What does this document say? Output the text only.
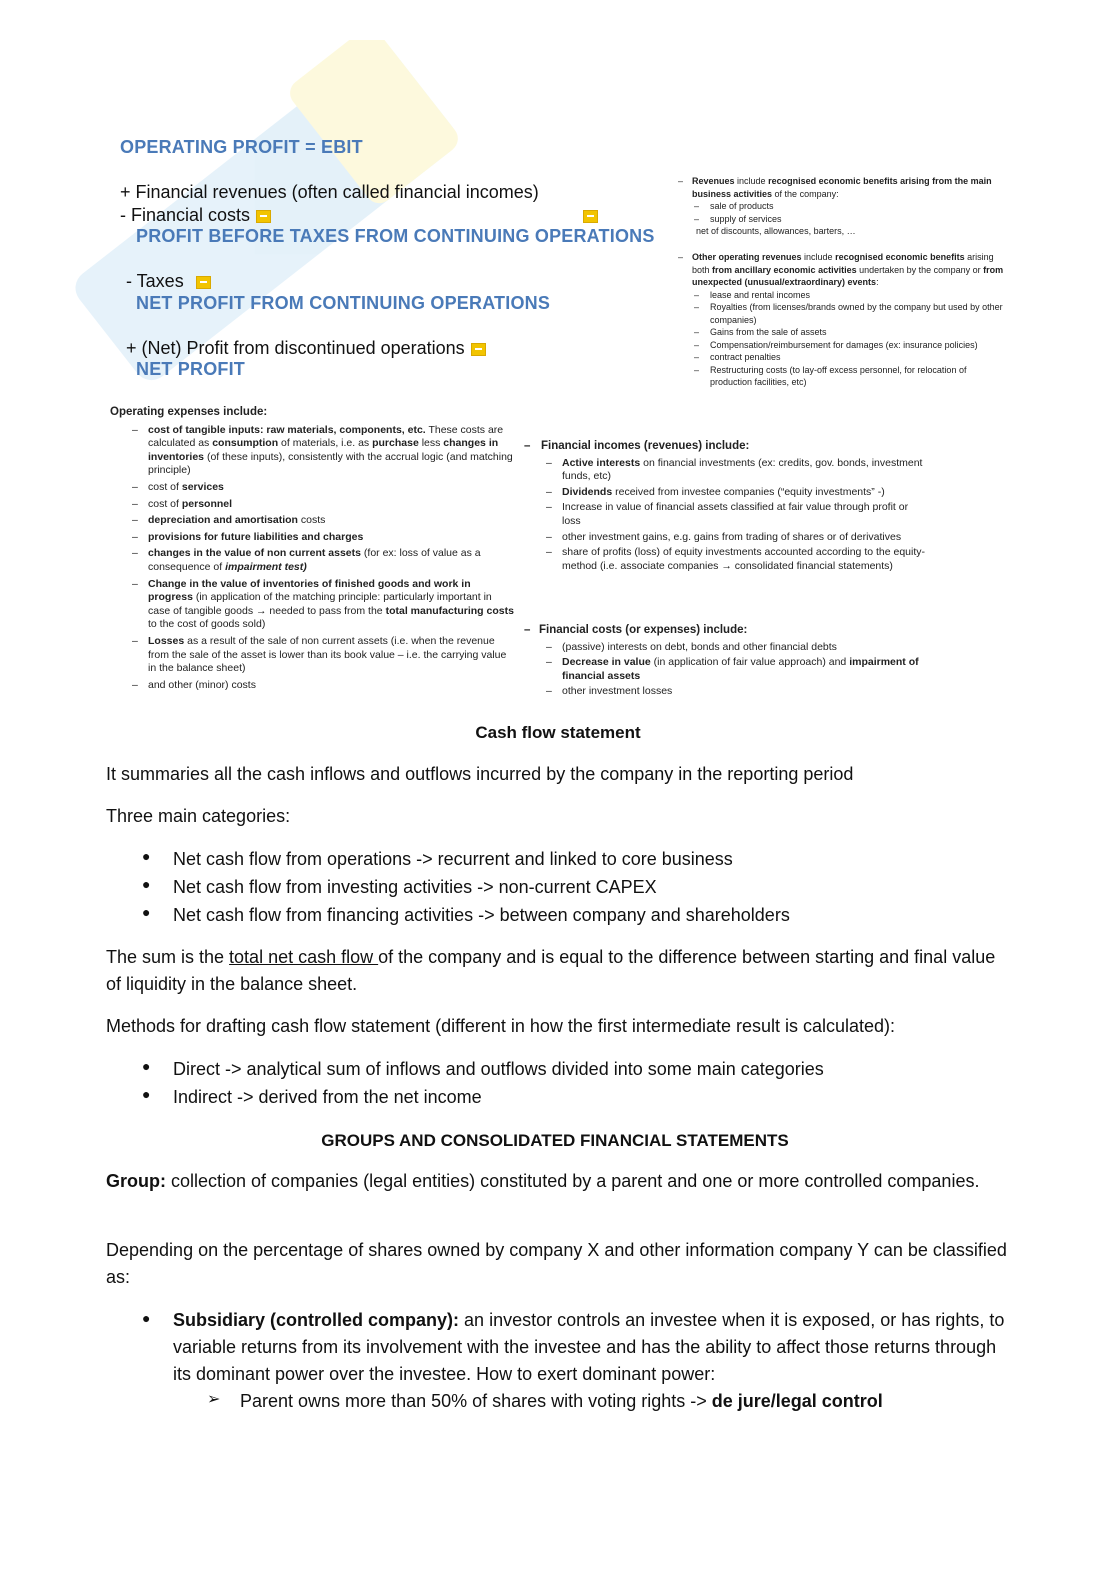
OPERATING PROFIT = EBIT
+ Financial revenues (often called financial incomes)
- Financial costs
PROFIT BEFORE TAXES FROM CONTINUING OPERATIONS
- Taxes
NET PROFIT FROM CONTINUING OPERATIONS
+ (Net) Profit from discontinued operations
NET PROFIT
– Revenues include recognised economic benefits arising from the main business activities of the company:
– sale of products
– supply of services
net of discounts, allowances, barters, …
– Other operating revenues include recognised economic benefits arising both from ancillary economic activities undertaken by the company or from unexpected (unusual/extraordinary) events:
– lease and rental incomes
– Royalties (from licenses/brands owned by the company but used by other companies)
– Gains from the sale of assets
– Compensation/reimbursement for damages (ex: insurance policies)
– contract penalties
– Restructuring costs (to lay-off excess personnel, for relocation of production facilities, etc)
Operating expenses include:
– cost of tangible inputs: raw materials, components, etc. These costs are calculated as consumption of materials, i.e. as purchase less changes in inventories (of these inputs), consistently with the accrual logic (and matching principle)
– cost of services
– cost of personnel
– depreciation and amortisation costs
– provisions for future liabilities and charges
– changes in the value of non current assets (for ex: loss of value as a consequence of impairment test)
– Change in the value of inventories of finished goods and work in progress (in application of the matching principle: particularly important in case of tangible goods → needed to pass from the total manufacturing costs to the cost of goods sold)
– Losses as a result of the sale of non current assets (i.e. when the revenue from the sale of the asset is lower than its book value – i.e. the carrying value in the balance sheet)
– and other (minor) costs
– Financial incomes (revenues) include:
– Active interests on financial investments (ex: credits, gov. bonds, investment funds, etc)
– Dividends received from investee companies (“equity investments” -)
– Increase in value of financial assets classified at fair value through profit or loss
– other investment gains, e.g. gains from trading of shares or of derivatives
– share of profits (loss) of equity investments accounted according to the equity-method (i.e. associate companies → consolidated financial statements)
– Financial costs (or expenses) include:
– (passive) interests on debt, bonds and other financial debts
– Decrease in value (in application of fair value approach) and impairment of financial assets
– other investment losses
Cash flow statement
It summaries all the cash inflows and outflows incurred by the company in the reporting period
Three main categories:
● Net cash flow from operations -> recurrent and linked to core business
● Net cash flow from investing activities -> non-current CAPEX
● Net cash flow from financing activities -> between company and shareholders
The sum is the total net cash flow of the company and is equal to the difference between starting and final value of liquidity in the balance sheet.
Methods for drafting cash flow statement (different in how the first intermediate result is calculated):
● Direct -> analytical sum of inflows and outflows divided into some main categories
● Indirect -> derived from the net income
GROUPS AND CONSOLIDATED FINANCIAL STATEMENTS
Group: collection of companies (legal entities) constituted by a parent and one or more controlled companies.
Depending on the percentage of shares owned by company X and other information company Y can be classified as:
● Subsidiary (controlled company): an investor controls an investee when it is exposed, or has rights, to variable returns from its involvement with the investee and has the ability to affect those returns through its dominant power over the investee. How to exert dominant power:
➢ Parent owns more than 50% of shares with voting rights -> de jure/legal control
